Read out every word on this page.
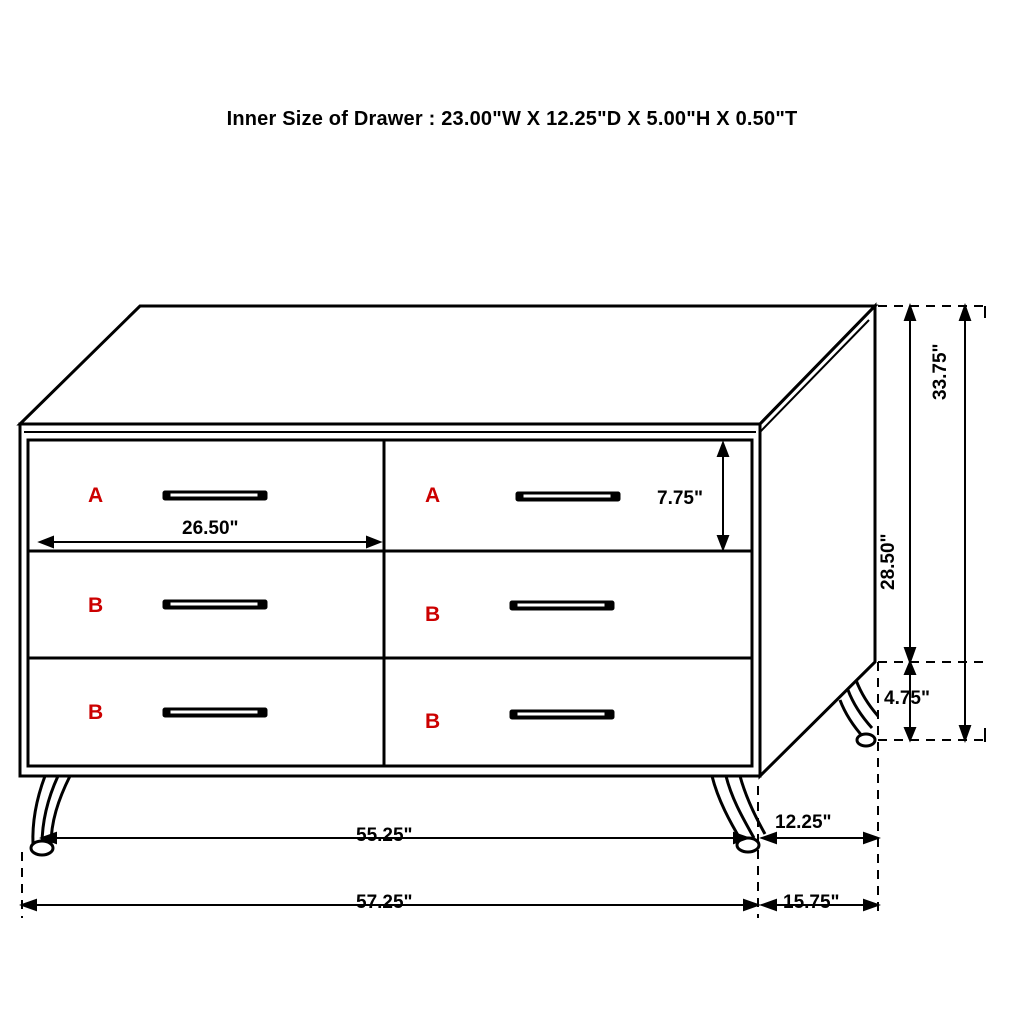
Inner Size of Drawer : 23.00"W X 12.25"D X 5.00"H X 0.50"T
A	A
B	B
B	B
33.75"
28.50"
7.75"
26.50"
4.75"
55.25"
57.25"
12.25"
15.75"
